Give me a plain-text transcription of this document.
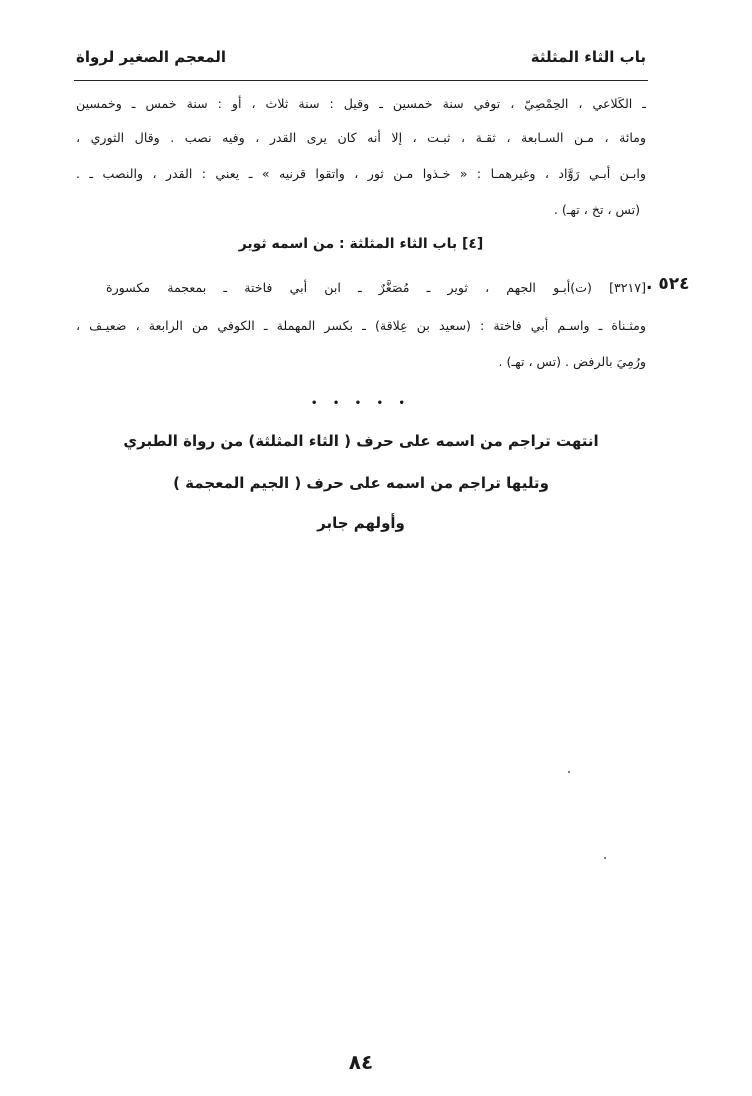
باب الثاء المثلثة
المعجم الصغير لرواة
ـ الكَلاعي ، الحِمْصِيّ ، توفي سنة خمسين ـ وقيل : سنة ثلاث ، أو : سنة خمس ـ وخمسين
ومائة ، مـن السـابعة ، ثقـة ، ثبـت ، إلا أنه كان يرى القدر ، وفيه نصب . وقال الثوري ،
وابـن أبـي رَوَّاد ، وغيرهمـا : « خـذوا مـن ثور ، واتقوا قرنيه » ـ يعني : القدر ، والنصب ـ .
(تس ، تخ ، تهـ) .
[٤] باب الثاء المثلثة : من اسمه ثوير
[٣٢١٧] (ت)أبـو الجهم ، ثوير ـ مُصَغَّرٌ ـ ابن أبي فاختة ـ بمعجمة مكسورة ٥٢٤ .
ومثـناة ـ واسـم أبي فاختة : (سعيد بن عِلاقة) ـ بكسر المهملة ـ الكوفي من الرابعة ، ضعيـف ،
ورُمِيَ بالرفض . (تس ، تهـ) .
• • • • •
انتهت تراجم من اسمه على حرف ( الثاء المثلثة) من رواة الطبري
وتليها تراجم من اسمه على حرف ( الجيم المعجمة )
وأولهم جابر
٨٤
